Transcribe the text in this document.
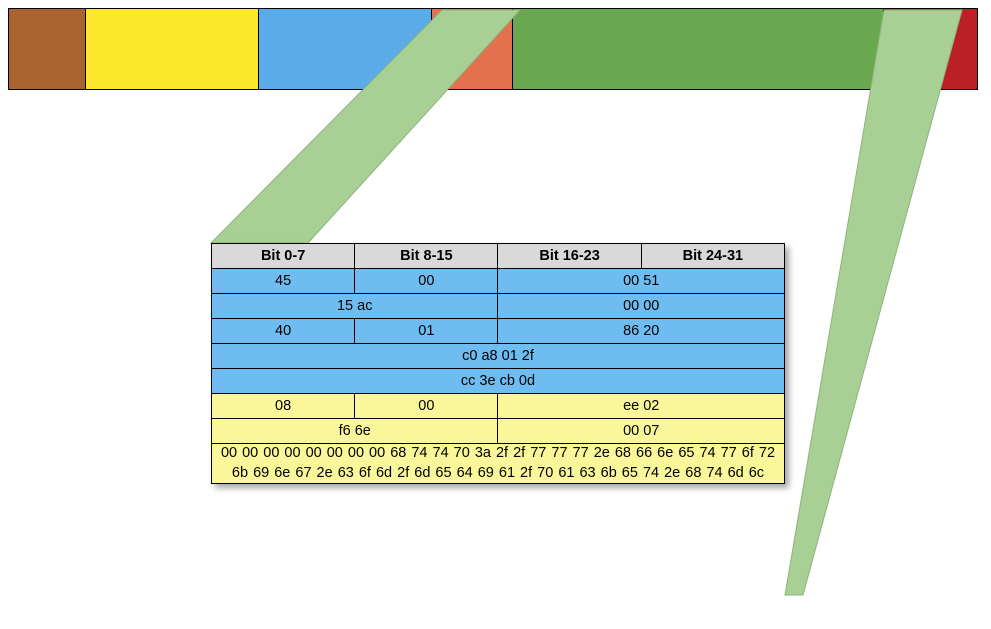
Bit 0-7	Bit 8-15	Bit 16-23	Bit 24-31
45	00	00 51	
15 ac		00 00	
40	01	86 20	
c0 a8 01 2f			
cc 3e cb 0d			
08	00	ee 02	
f6 6e		00 07	
00 00 00 00 00 00 00 00 68 74 74 70 3a 2f 2f 77 77 77 2e 68 66 6e 65 74 77 6f 72 6b 69 6e 67 2e 63 6f 6d 2f 6d 65 64 69 61 2f 70 61 63 6b 65 74 2e 68 74 6d 6c			
